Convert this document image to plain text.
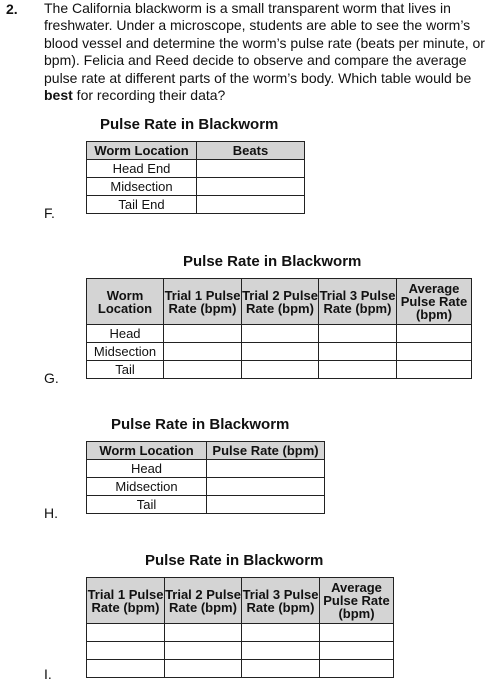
2. The California blackworm is a small transparent worm that lives in freshwater. Under a microscope, students are able to see the worm’s blood vessel and determine the worm’s pulse rate (beats per minute, or bpm). Felicia and Reed decide to observe and compare the average pulse rate at different parts of the worm’s body. Which table would be best for recording their data?
Pulse Rate in Blackworm
Worm Location	Beats
Head End	
Midsection	
Tail End	
F.
Pulse Rate in Blackworm
Worm Location	Trial 1 Pulse Rate (bpm)	Trial 2 Pulse Rate (bpm)	Trial 3 Pulse Rate (bpm)	Average Pulse Rate (bpm)
Head				
Midsection				
Tail				
G.
Pulse Rate in Blackworm
Worm Location	Pulse Rate (bpm)
Head	
Midsection	
Tail	
H.
Pulse Rate in Blackworm
Trial 1 Pulse Rate (bpm)	Trial 2 Pulse Rate (bpm)	Trial 3 Pulse Rate (bpm)	Average Pulse Rate (bpm)

I.
